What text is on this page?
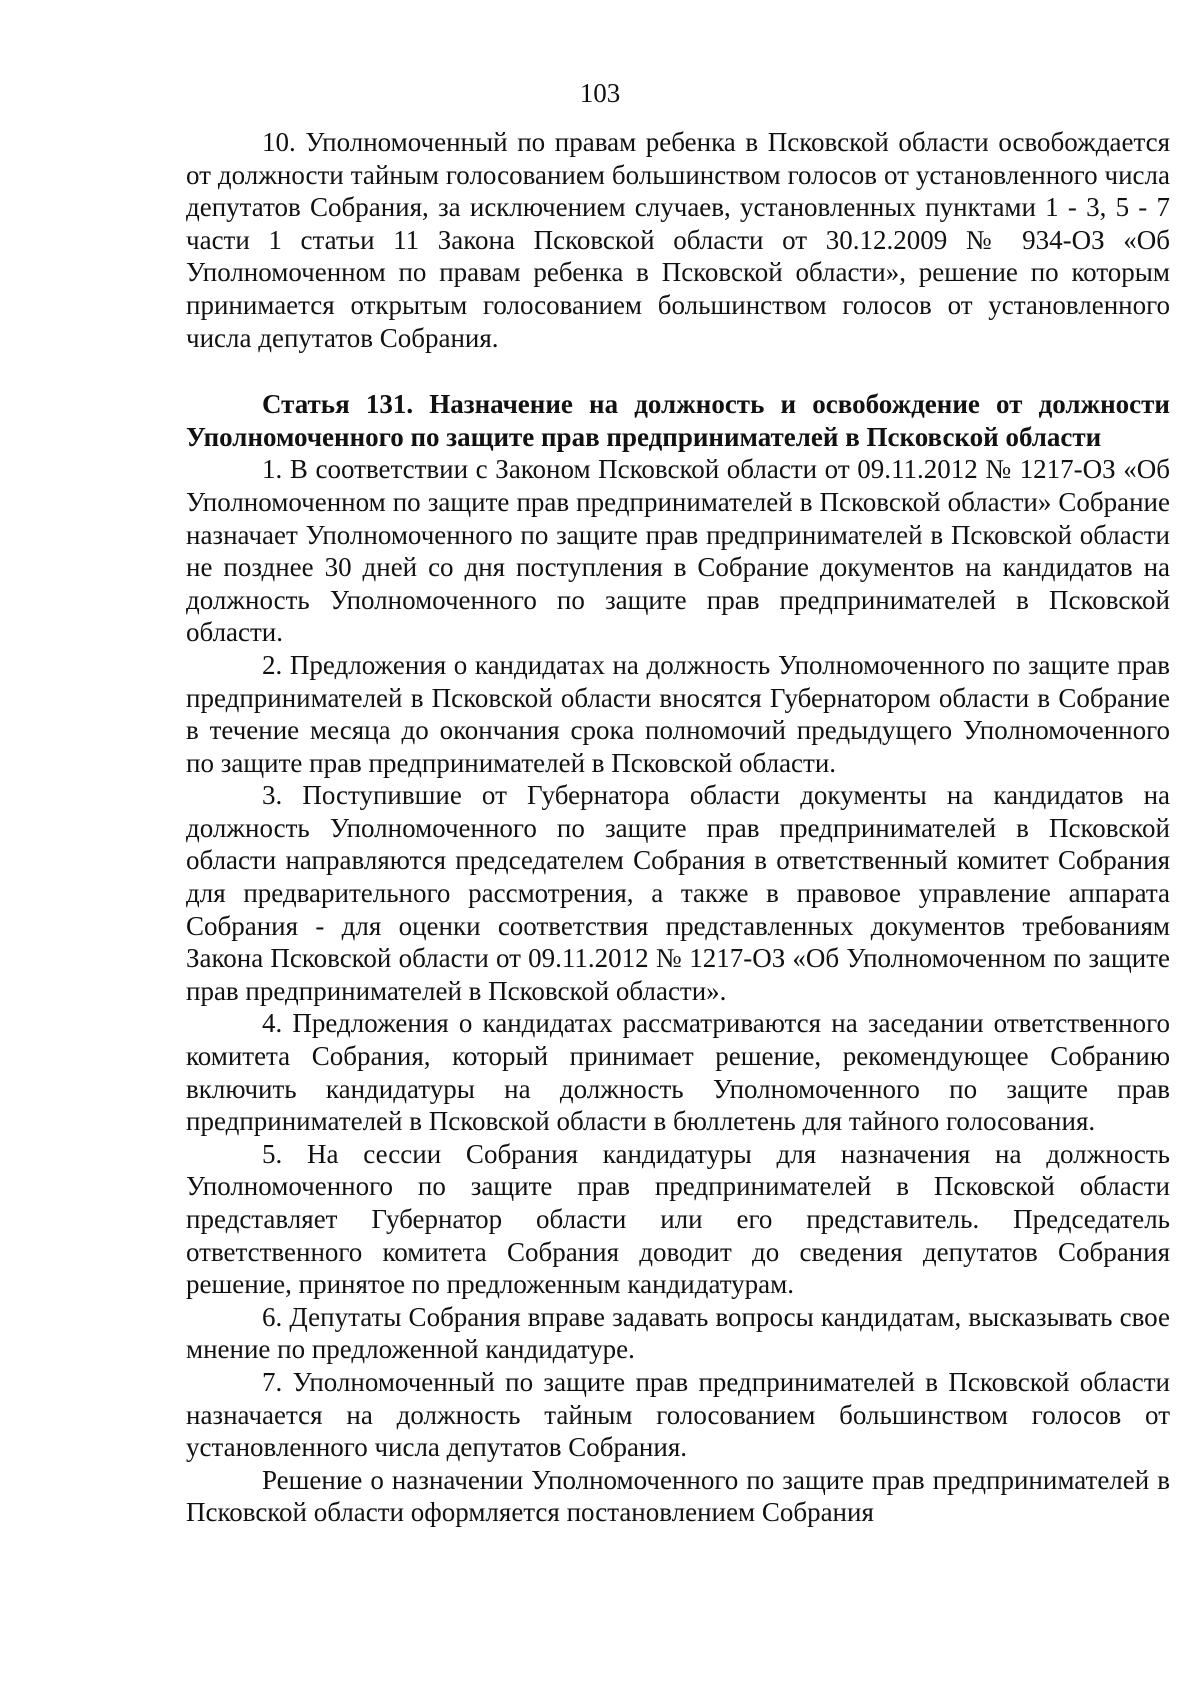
103

10. Уполномоченный по правам ребенка в Псковской области освобождается от должности тайным голосованием большинством голосов от установленного числа депутатов Собрания, за исключением случаев, установленных пунктами 1 - 3, 5 - 7 части 1 статьи 11 Закона Псковской области от 30.12.2009 № 934-ОЗ «Об Уполномоченном по правам ребенка в Псковской области», решение по которым принимается открытым голосованием большинством голосов от установленного числа депутатов Собрания.

Статья 131. Назначение на должность и освобождение от должности Уполномоченного по защите прав предпринимателей в Псковской области

1. В соответствии с Законом Псковской области от 09.11.2012 № 1217-ОЗ «Об Уполномоченном по защите прав предпринимателей в Псковской области» Собрание назначает Уполномоченного по защите прав предпринимателей в Псковской области не позднее 30 дней со дня поступления в Собрание документов на кандидатов на должность Уполномоченного по защите прав предпринимателей в Псковской области.

2. Предложения о кандидатах на должность Уполномоченного по защите прав предпринимателей в Псковской области вносятся Губернатором области в Собрание в течение месяца до окончания срока полномочий предыдущего Уполномоченного по защите прав предпринимателей в Псковской области.

3. Поступившие от Губернатора области документы на кандидатов на должность Уполномоченного по защите прав предпринимателей в Псковской области направляются председателем Собрания в ответственный комитет Собрания для предварительного рассмотрения, а также в правовое управление аппарата Собрания - для оценки соответствия представленных документов требованиям Закона Псковской области от 09.11.2012 № 1217-ОЗ «Об Уполномоченном по защите прав предпринимателей в Псковской области».

4. Предложения о кандидатах рассматриваются на заседании ответственного комитета Собрания, который принимает решение, рекомендующее Собранию включить кандидатуры на должность Уполномоченного по защите прав предпринимателей в Псковской области в бюллетень для тайного голосования.

5. На сессии Собрания кандидатуры для назначения на должность Уполномоченного по защите прав предпринимателей в Псковской области представляет Губернатор области или его представитель. Председатель ответственного комитета Собрания доводит до сведения депутатов Собрания решение, принятое по предложенным кандидатурам.

6. Депутаты Собрания вправе задавать вопросы кандидатам, высказывать свое мнение по предложенной кандидатуре.

7. Уполномоченный по защите прав предпринимателей в Псковской области назначается на должность тайным голосованием большинством голосов от установленного числа депутатов Собрания.

Решение о назначении Уполномоченного по защите прав предпринимателей в Псковской области оформляется постановлением Собрания
